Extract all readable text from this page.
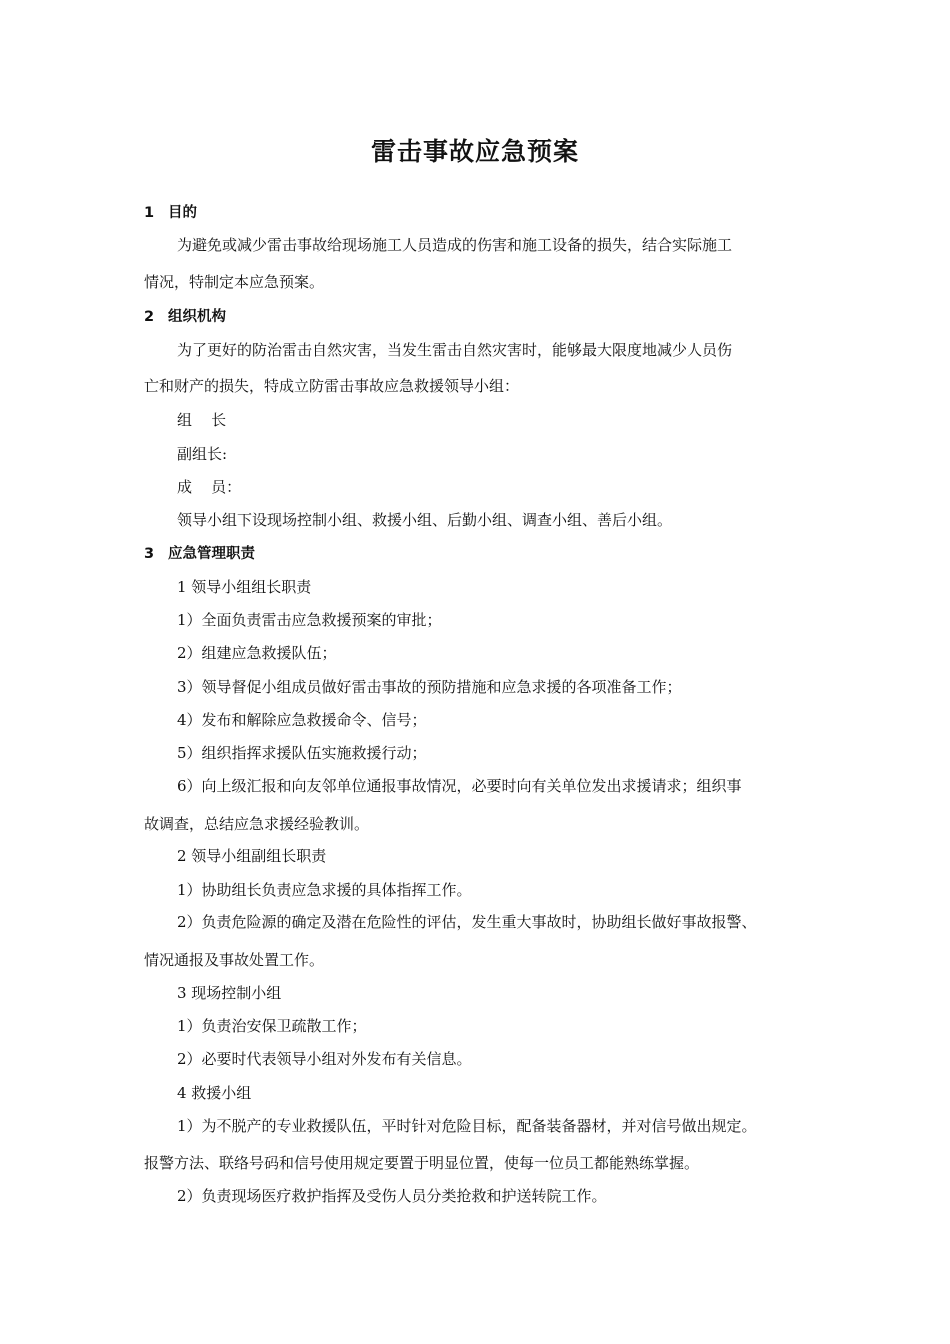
雷击事故应急预案
1 目的
为避免或减少雷击事故给现场施工人员造成的伤害和施工设备的损失，结合实际施工
情况，特制定本应急预案。
2 组织机构
为了更好的防治雷击自然灾害，当发生雷击自然灾害时，能够最大限度地减少人员伤
亡和财产的损失，特成立防雷击事故应急救援领导小组：
组    长
副组长:
成    员：
领导小组下设现场控制小组、救援小组、后勤小组、调查小组、善后小组。
3 应急管理职责
1 领导小组组长职责
1）全面负责雷击应急救援预案的审批；
2）组建应急救援队伍；
3）领导督促小组成员做好雷击事故的预防措施和应急求援的各项准备工作；
4）发布和解除应急救援命令、信号；
5）组织指挥求援队伍实施救援行动；
6）向上级汇报和向友邻单位通报事故情况，必要时向有关单位发出求援请求；组织事
故调查，总结应急求援经验教训。
2 领导小组副组长职责
1）协助组长负责应急求援的具体指挥工作。
2）负责危险源的确定及潜在危险性的评估，发生重大事故时，协助组长做好事故报警、
情况通报及事故处置工作。
3 现场控制小组
1）负责治安保卫疏散工作；
2）必要时代表领导小组对外发布有关信息。
4 救援小组
1）为不脱产的专业救援队伍，平时针对危险目标，配备装备器材，并对信号做出规定。
报警方法、联络号码和信号使用规定要置于明显位置，使每一位员工都能熟练掌握。
2）负责现场医疗救护指挥及受伤人员分类抢救和护送转院工作。
